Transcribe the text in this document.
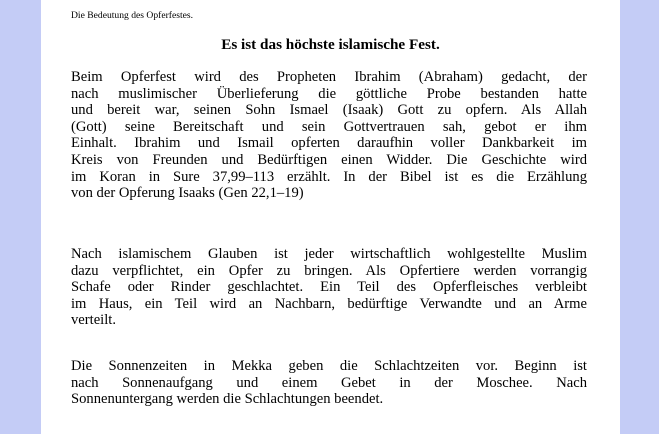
Die Bedeutung des Opferfestes.
Es ist das höchste islamische Fest.
Beim Opferfest wird des Propheten Ibrahim (Abraham) gedacht, der
nach muslimischer Überlieferung die göttliche Probe bestanden hatte
und bereit war, seinen Sohn Ismael (Isaak) Gott zu opfern. Als Allah
(Gott) seine Bereitschaft und sein Gottvertrauen sah, gebot er ihm
Einhalt. Ibrahim und Ismail opferten daraufhin voller Dankbarkeit im
Kreis von Freunden und Bedürftigen einen Widder. Die Geschichte wird
im Koran in Sure 37,99–113 erzählt. In der Bibel ist es die Erzählung
von der Opferung Isaaks (Gen 22,1–19)
Nach islamischem Glauben ist jeder wirtschaftlich wohlgestellte Muslim
dazu verpflichtet, ein Opfer zu bringen. Als Opfertiere werden vorrangig
Schafe oder Rinder geschlachtet. Ein Teil des Opferfleisches verbleibt
im Haus, ein Teil wird an Nachbarn, bedürftige Verwandte und an Arme
verteilt.
Die Sonnenzeiten in Mekka geben die Schlachtzeiten vor. Beginn ist
nach Sonnenaufgang und einem Gebet in der Moschee. Nach
Sonnenuntergang werden die Schlachtungen beendet.
